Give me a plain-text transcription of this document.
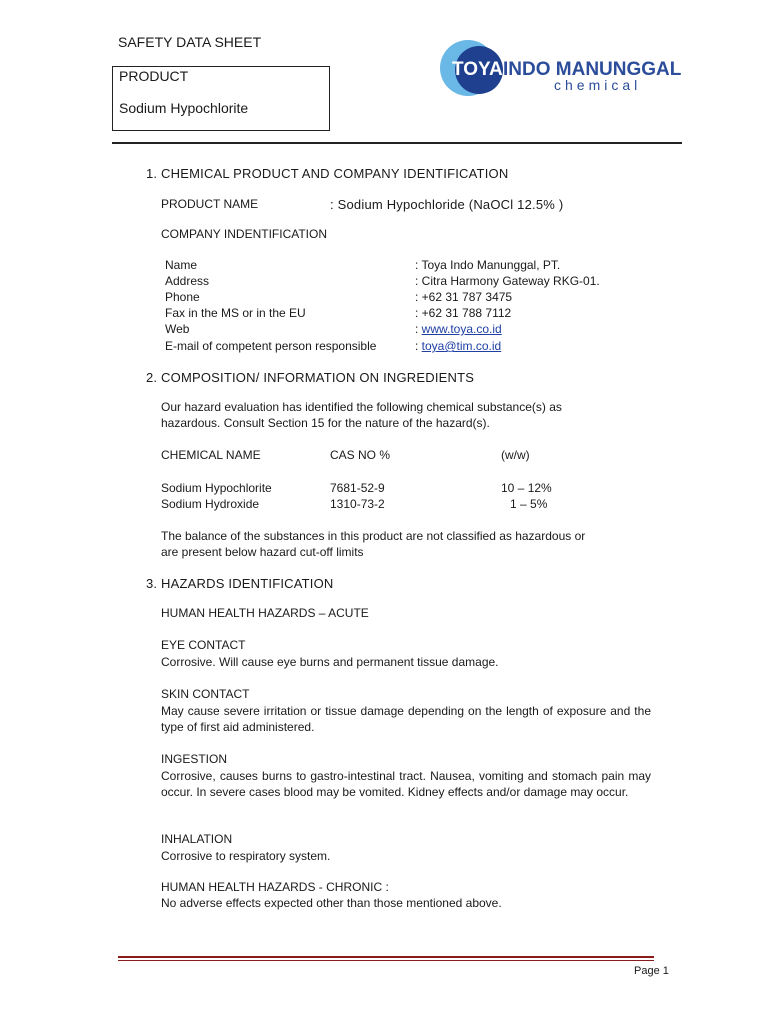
SAFETY DATA SHEET
PRODUCT
Sodium Hypochlorite
TOYA INDO MANUNGGAL
chemical
1. CHEMICAL PRODUCT AND COMPANY IDENTIFICATION
PRODUCT NAME	: Sodium Hypochloride (NaOCl 12.5% )
COMPANY INDENTIFICATION
Name	: Toya Indo Manunggal, PT.
Address	: Citra Harmony Gateway RKG-01.
Phone	: +62 31 787 3475
Fax in the MS or in the EU	: +62 31 788 7112
Web	: www.toya.co.id
E-mail of competent person responsible	: toya@tim.co.id
2. COMPOSITION/ INFORMATION ON INGREDIENTS
Our hazard evaluation has identified the following chemical substance(s) as
hazardous. Consult Section 15 for the nature of the hazard(s).
CHEMICAL NAME	CAS NO %	(w/w)
Sodium Hypochlorite	7681-52-9	10 – 12%
Sodium Hydroxide	1310-73-2	1 – 5%
The balance of the substances in this product are not classified as hazardous or
are present below hazard cut-off limits
3. HAZARDS IDENTIFICATION
HUMAN HEALTH HAZARDS – ACUTE
EYE CONTACT
Corrosive. Will cause eye burns and permanent tissue damage.
SKIN CONTACT
May cause severe irritation or tissue damage depending on the length of exposure and the type of first aid administered.
INGESTION
Corrosive, causes burns to gastro-intestinal tract. Nausea, vomiting and stomach pain may occur. In severe cases blood may be vomited. Kidney effects and/or damage may occur.
INHALATION
Corrosive to respiratory system.
HUMAN HEALTH HAZARDS - CHRONIC :
No adverse effects expected other than those mentioned above.
Page 1
